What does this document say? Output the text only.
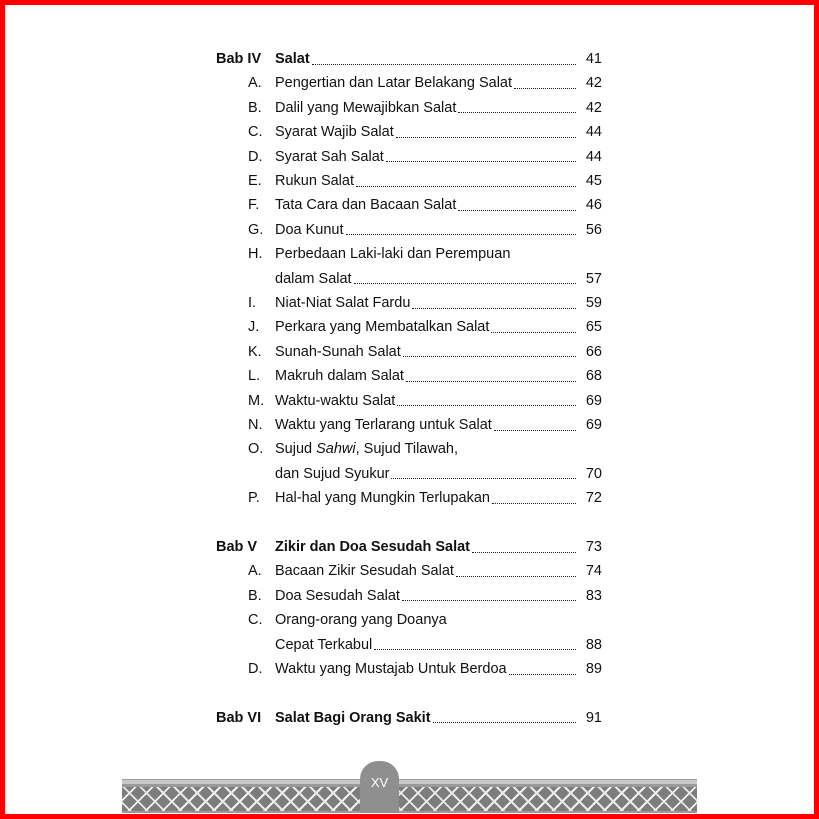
Bab IV Salat	41
A. Pengertian dan Latar Belakang Salat	42
B. Dalil yang Mewajibkan Salat	42
C. Syarat Wajib Salat	44
D. Syarat Sah Salat	44
E. Rukun Salat	45
F.	Tata Cara dan Bacaan Salat	46
G. Doa Kunut	56
H. Perbedaan Laki-laki dan Perempuan
dalam Salat	57
I.	Niat-Niat Salat Fardu	59
J.	Perkara yang Membatalkan Salat	65
K. Sunah-Sunah Salat	66
L.	Makruh dalam Salat	68
M. Waktu-waktu Salat	69
N. Waktu yang Terlarang untuk Salat	69
O. Sujud Sahwi, Sujud Tilawah,
dan Sujud Syukur	70
P.	Hal-hal yang Mungkin Terlupakan	72
Bab V	Zikir dan Doa Sesudah Salat	73
A. Bacaan Zikir Sesudah Salat	74
B. Doa Sesudah Salat	83
C. Orang-orang yang Doanya
Cepat Terkabul	88
D. Waktu yang Mustajab Untuk Berdoa	89
Bab VI Salat Bagi Orang Sakit	91
XV
